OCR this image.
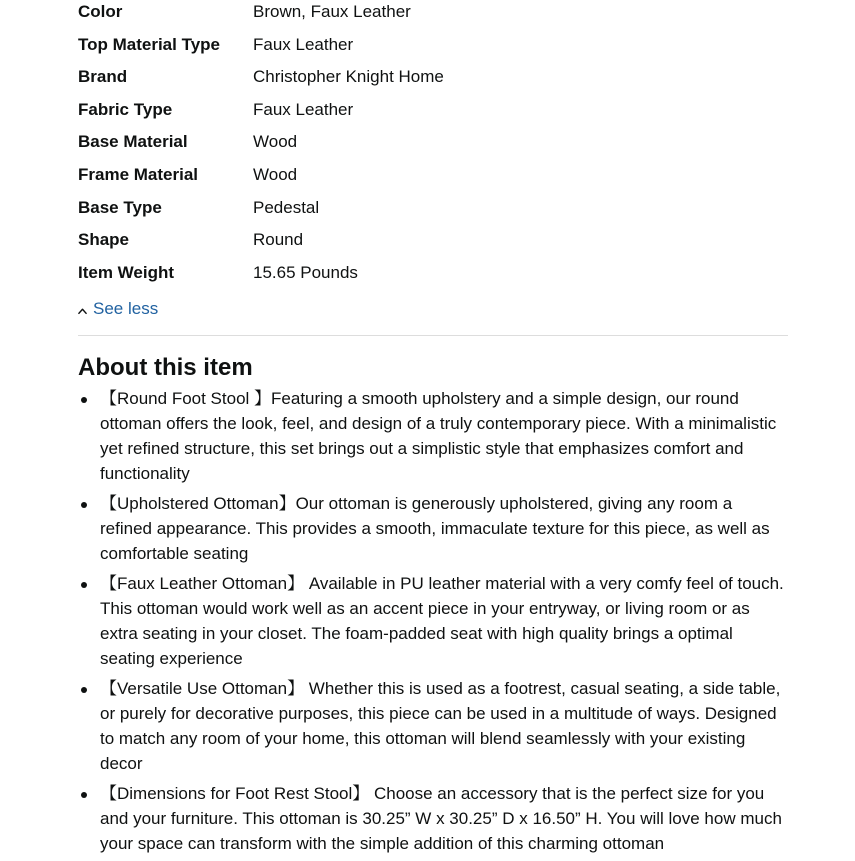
Color	Brown, Faux Leather
Top Material Type	Faux Leather
Brand	Christopher Knight Home
Fabric Type	Faux Leather
Base Material	Wood
Frame Material	Wood
Base Type	Pedestal
Shape	Round
Item Weight	15.65 Pounds
See less
About this item
【Round Foot Stool 】Featuring a smooth upholstery and a simple design, our round ottoman offers the look, feel, and design of a truly contemporary piece. With a minimalistic yet refined structure, this set brings out a simplistic style that emphasizes comfort and functionality
【Upholstered Ottoman】Our ottoman is generously upholstered, giving any room a refined appearance. This provides a smooth, immaculate texture for this piece, as well as comfortable seating
【Faux Leather Ottoman】 Available in PU leather material with a very comfy feel of touch. This ottoman would work well as an accent piece in your entryway, or living room or as extra seating in your closet. The foam-padded seat with high quality brings a optimal seating experience
【Versatile Use Ottoman】 Whether this is used as a footrest, casual seating, a side table, or purely for decorative purposes, this piece can be used in a multitude of ways. Designed to match any room of your home, this ottoman will blend seamlessly with your existing decor
【Dimensions for Foot Rest Stool】 Choose an accessory that is the perfect size for you and your furniture. This ottoman is 30.25” W x 30.25” D x 16.50” H. You will love how much your space can transform with the simple addition of this charming ottoman
